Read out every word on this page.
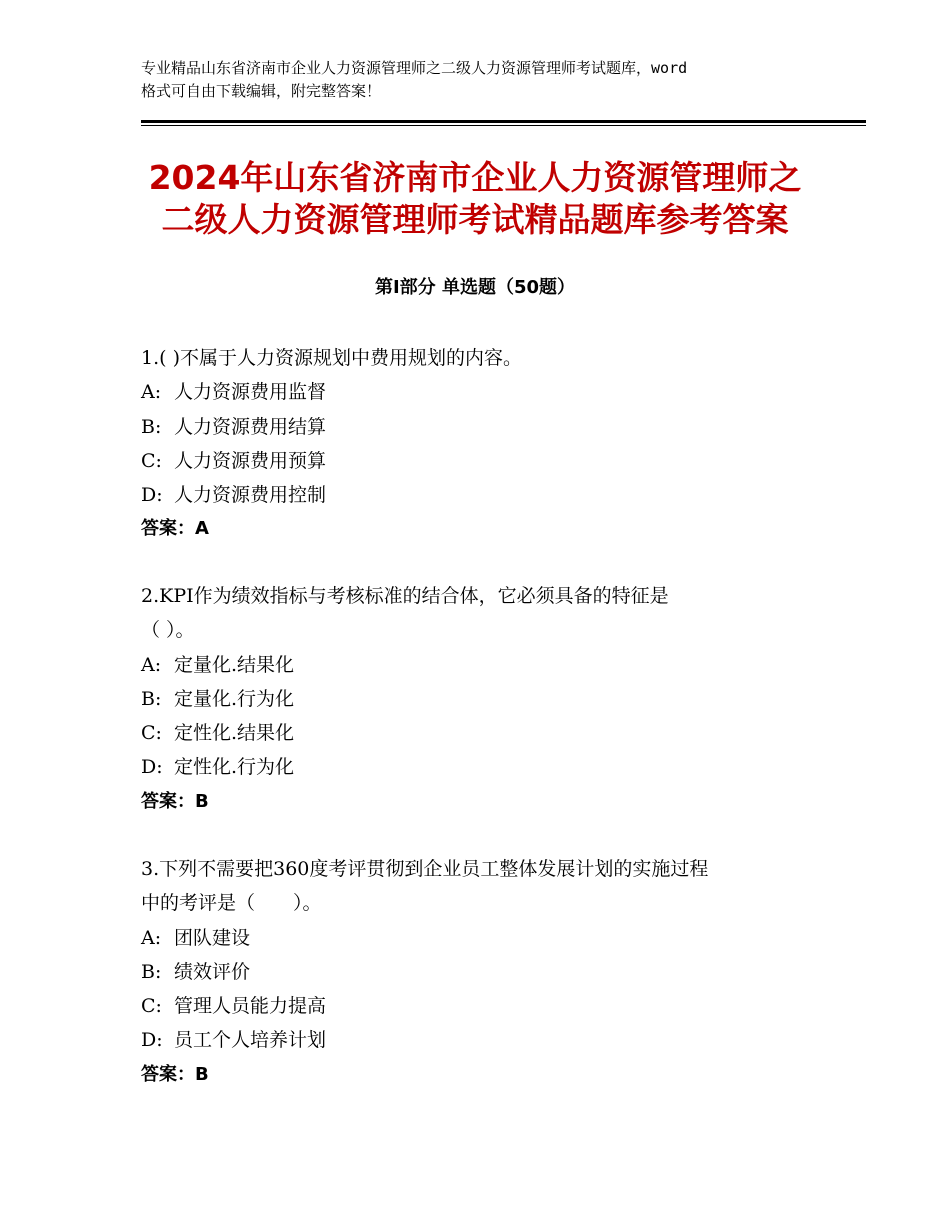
专业精品山东省济南市企业人力资源管理师之二级人力资源管理师考试题库，word
格式可自由下载编辑，附完整答案！
2024年山东省济南市企业人力资源管理师之
二级人力资源管理师考试精品题库参考答案
第Ⅰ部分 单选题（50题）
1.( )不属于人力资源规划中费用规划的内容。
A: 人力资源费用监督
B: 人力资源费用结算
C: 人力资源费用预算
D: 人力资源费用控制
答案：A
2.KPI作为绩效指标与考核标准的结合体，它必须具备的特征是
（ ）。
A: 定量化.结果化
B: 定量化.行为化
C: 定性化.结果化
D: 定性化.行为化
答案：B
3.下列不需要把360度考评贯彻到企业员工整体发展计划的实施过程
中的考评是（　　）。
A: 团队建设
B: 绩效评价
C: 管理人员能力提高
D: 员工个人培养计划
答案：B
